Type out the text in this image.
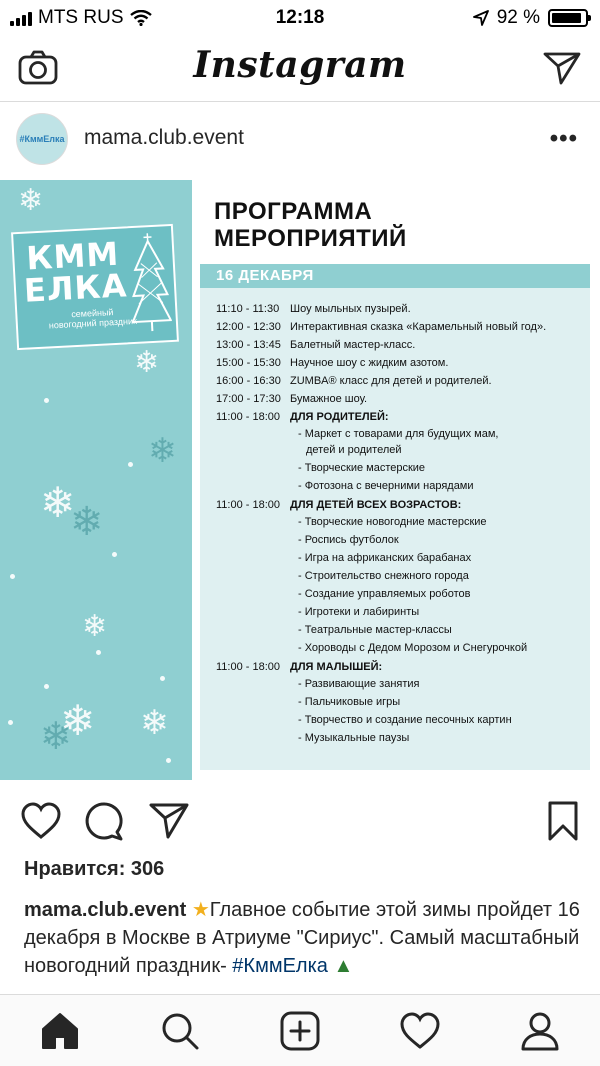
MTS RUS	12:18	92 %
Instagram
#КммЕлка mama.club.event	•••
❄
❄
❄
❄
❄
❄
❄
❄ ❄
КММ
ЕЛКА
семейный новогодний праздник
ПРОГРАММА
МЕРОПРИЯТИЙ
16 ДЕКАБРЯ
11:10 - 11:30 Шоу мыльных пузырей.
12:00 - 12:30 Интерактивная сказка «Карамельный новый год».
13:00 - 13:45 Балетный мастер-класс.
15:00 - 15:30 Научное шоу с жидким азотом.
16:00 - 16:30 ZUMBA® класс для детей и родителей.
17:00 - 17:30 Бумажное шоу.
11:00 - 18:00 ДЛЯ РОДИТЕЛЕЙ:
- Маркет с товарами для будущих мам,
детей и родителей
- Творческие мастерские
- Фотозона с вечерними нарядами
11:00 - 18:00 ДЛЯ ДЕТЕЙ ВСЕХ ВОЗРАСТОВ:
- Творческие новогодние мастерские
- Роспись футболок
- Игра на африканских барабанах
- Строительство снежного города
- Создание управляемых роботов
- Игротеки и лабиринты
- Театральные мастер-классы
- Хороводы с Дедом Морозом и Снегурочкой
11:00 - 18:00 ДЛЯ МАЛЫШЕЙ:
- Развивающие занятия
- Пальчиковые игры
- Творчество и создание песочных картин
- Музыкальные паузы
Нравится: 306
mama.club.event ★Главное событие этой зимы пройдет 16 декабря в Москве в Атриуме "Сириус". Самый масштабный новогодний праздник- #КммЕлка ▲
